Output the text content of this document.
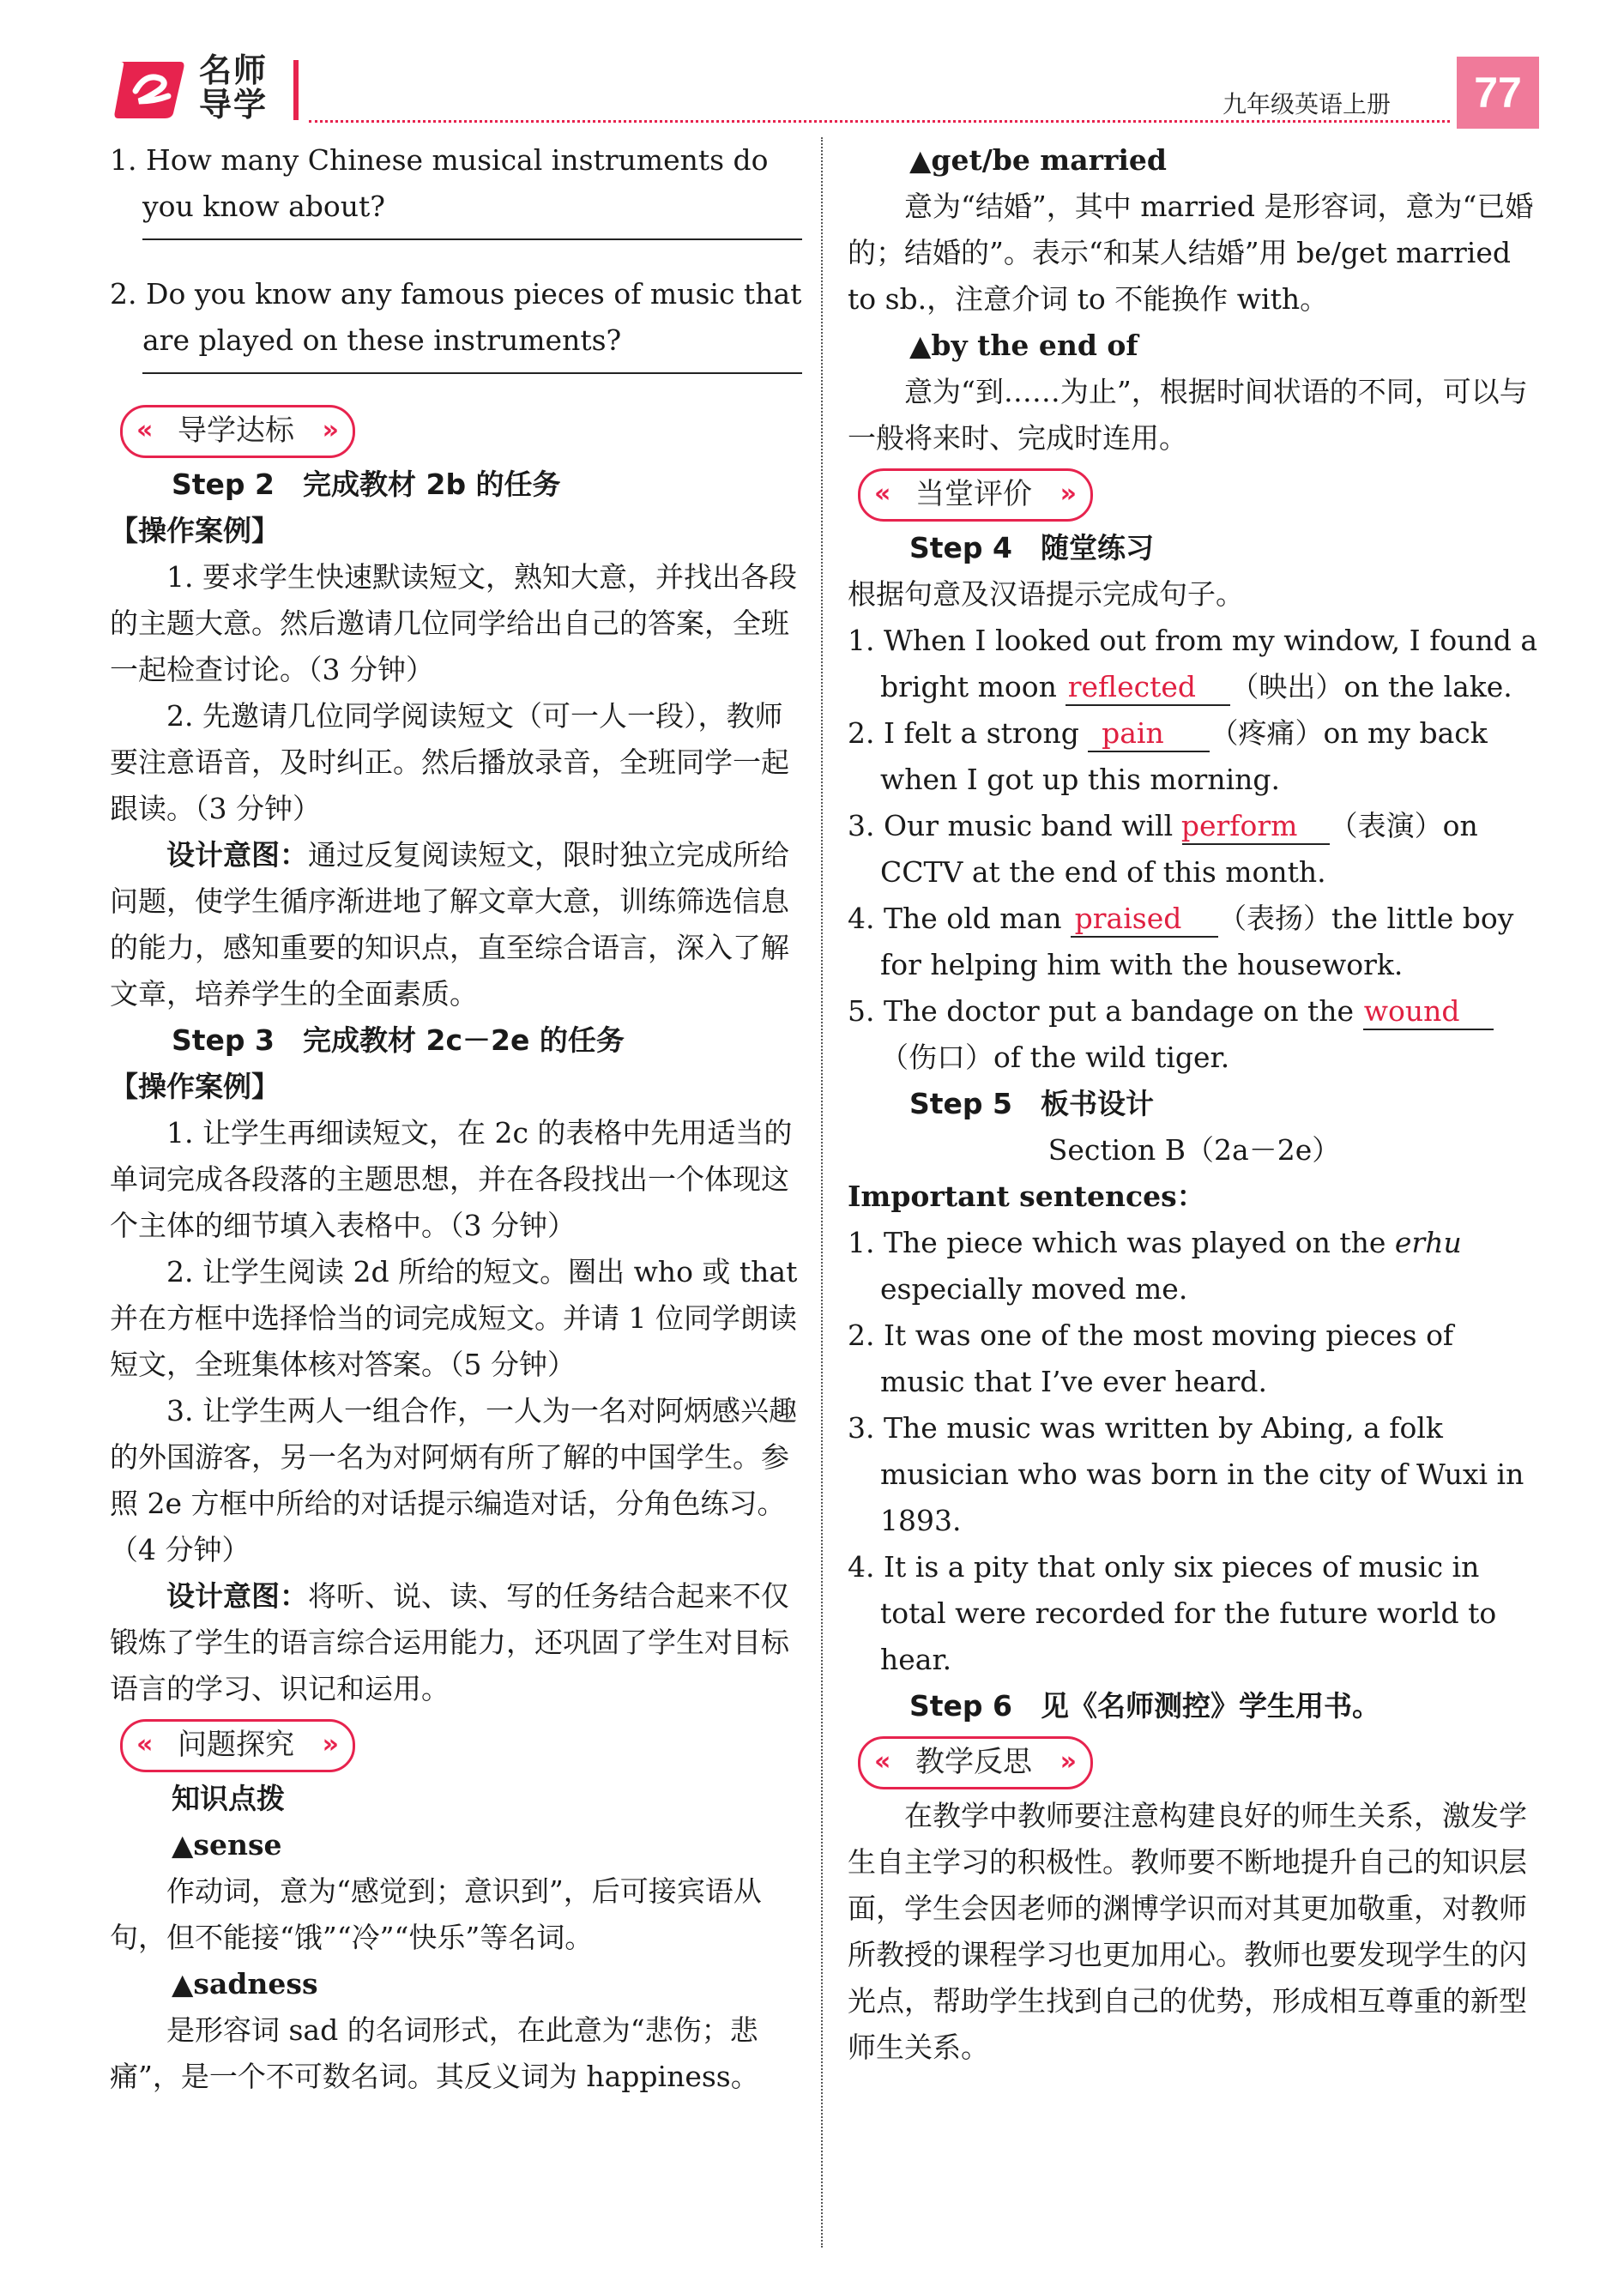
名师
导学	九年级英语上册	77

1. How many Chinese musical instruments do you know about?

2. Do you know any famous pieces of music that are played on these instruments?

« 导学达标 »

Step 2　完成教材 2b 的任务

【操作案例】

1. 要求学生快速默读短文，熟知大意，并找出各段的主题大意。然后邀请几位同学给出自己的答案，全班一起检查讨论。（3 分钟）

2. 先邀请几位同学阅读短文（可一人一段），教师要注意语音，及时纠正。然后播放录音，全班同学一起跟读。（3 分钟）

设计意图：通过反复阅读短文，限时独立完成所给问题，使学生循序渐进地了解文章大意，训练筛选信息的能力，感知重要的知识点，直至综合语言，深入了解文章，培养学生的全面素质。

Step 3　完成教材 2c－2e 的任务

【操作案例】

1. 让学生再细读短文，在 2c 的表格中先用适当的单词完成各段落的主题思想，并在各段找出一个体现这个主体的细节填入表格中。（3 分钟）

2. 让学生阅读 2d 所给的短文。圈出 who 或 that 并在方框中选择恰当的词完成短文。并请 1 位同学朗读短文，全班集体核对答案。（5 分钟）

3. 让学生两人一组合作，一人为一名对阿炳感兴趣的外国游客，另一名为对阿炳有所了解的中国学生。参照 2e 方框中所给的对话提示编造对话，分角色练习。（4 分钟）

设计意图：将听、说、读、写的任务结合起来不仅锻炼了学生的语言综合运用能力，还巩固了学生对目标语言的学习、识记和运用。

« 问题探究 »

知识点拨

▲sense

作动词，意为“感觉到；意识到”，后可接宾语从句，但不能接“饿”“冷”“快乐”等名词。

▲sadness

是形容词 sad 的名词形式，在此意为“悲伤；悲痛”，是一个不可数名词。其反义词为 happiness。

▲get/be married

意为“结婚”，其中 married 是形容词，意为“已婚的；结婚的”。表示“和某人结婚”用 be/get married to sb.，注意介词 to 不能换作 with。

▲by the end of

意为“到……为止”，根据时间状语的不同，可以与一般将来时、完成时连用。

« 当堂评价 »

Step 4　随堂练习

根据句意及汉语提示完成句子。

1. When I looked out from my window, I found a bright moon reflected （映出）on the lake.

2. I felt a strong pain （疼痛）on my back when I got up this morning.

3. Our music band will perform （表演）on CCTV at the end of this month.

4. The old man praised （表扬）the little boy for helping him with the housework.

5. The doctor put a bandage on the wound（伤口）of the wild tiger.

Step 5　板书设计

Section B（2a－2e）

Important sentences：

1. The piece which was played on the erhu especially moved me.

2. It was one of the most moving pieces of music that I’ve ever heard.

3. The music was written by Abing, a folk musician who was born in the city of Wuxi in 1893.

4. It is a pity that only six pieces of music in total were recorded for the future world to hear.

Step 6　见《名师测控》学生用书。

« 教学反思 »

在教学中教师要注意构建良好的师生关系，激发学生自主学习的积极性。教师要不断地提升自己的知识层面，学生会因老师的渊博学识而对其更加敬重，对教师所教授的课程学习也更加用心。教师也要发现学生的闪光点，帮助学生找到自己的优势，形成相互尊重的新型师生关系。
